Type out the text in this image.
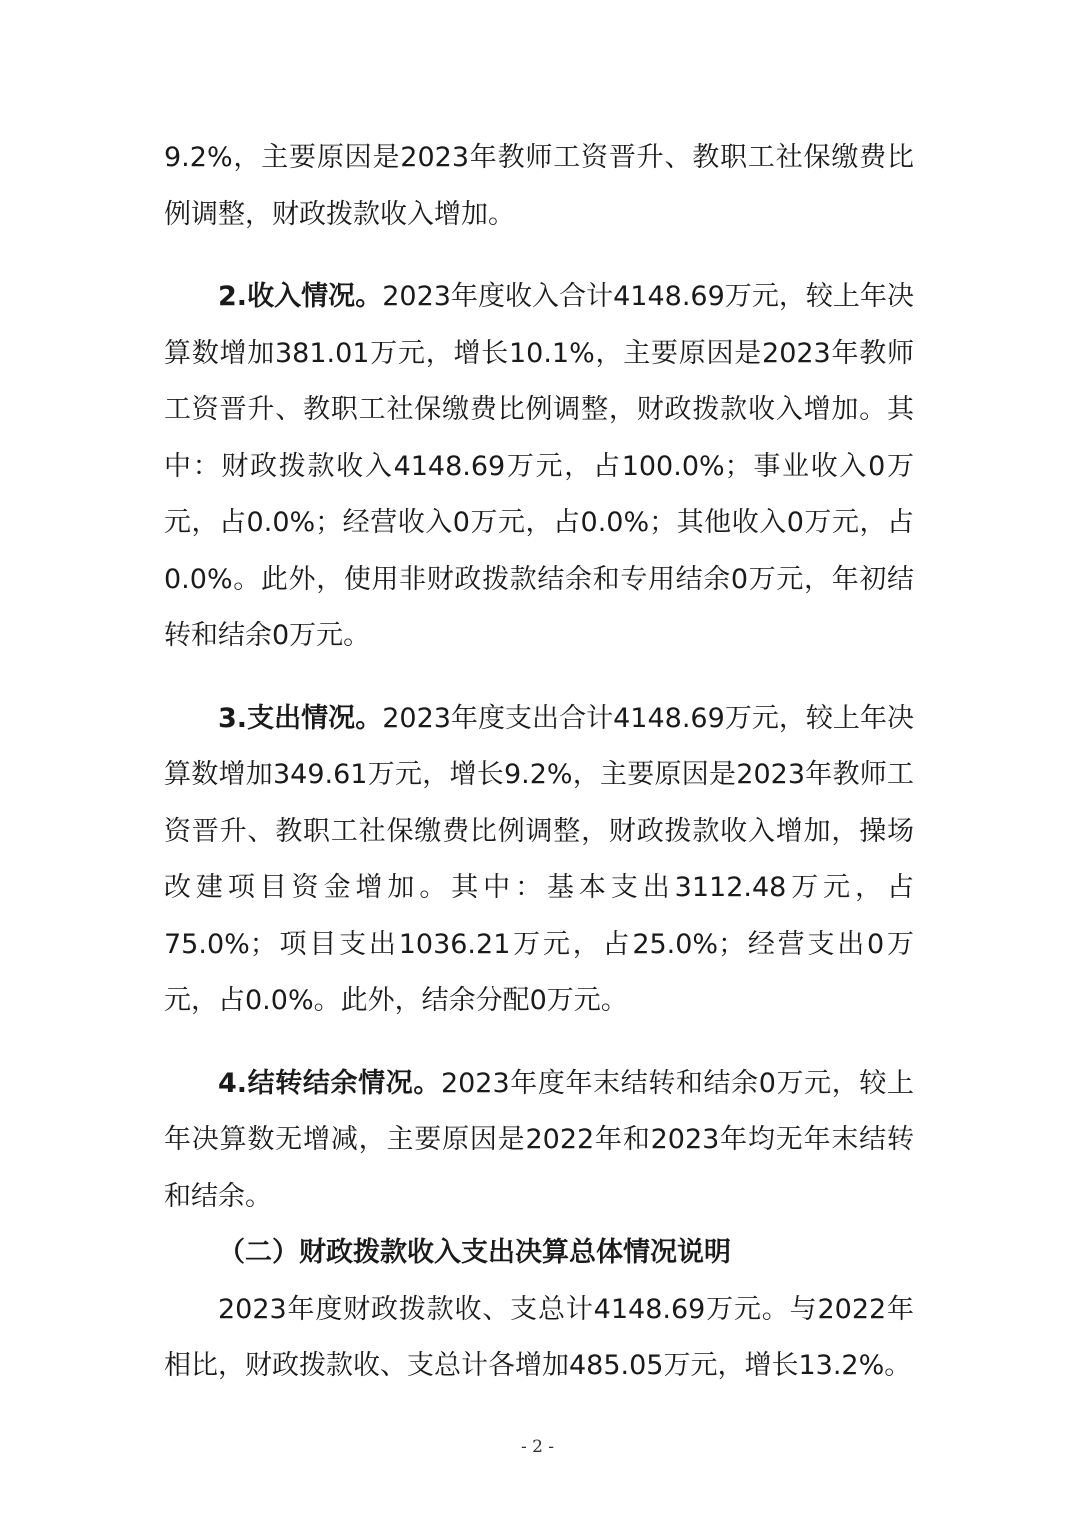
9.2%，主要原因是2023年教师工资晋升、教职工社保缴费比例调整，财政拨款收入增加。

2.收入情况。2023年度收入合计4148.69万元，较上年决算数增加381.01万元，增长10.1%，主要原因是2023年教师工资晋升、教职工社保缴费比例调整，财政拨款收入增加。其中：财政拨款收入4148.69万元，占100.0%；事业收入0万元，占0.0%；经营收入0万元，占0.0%；其他收入0万元，占0.0%。此外，使用非财政拨款结余和专用结余0万元，年初结转和结余0万元。

3.支出情况。2023年度支出合计4148.69万元，较上年决算数增加349.61万元，增长9.2%，主要原因是2023年教师工资晋升、教职工社保缴费比例调整，财政拨款收入增加，操场改建项目资金增加。其中：基本支出3112.48万元，占75.0%；项目支出1036.21万元，占25.0%；经营支出0万元，占0.0%。此外，结余分配0万元。

4.结转结余情况。2023年度年末结转和结余0万元，较上年决算数无增减，主要原因是2022年和2023年均无年末结转和结余。

（二）财政拨款收入支出决算总体情况说明

2023年度财政拨款收、支总计4148.69万元。与2022年相比，财政拨款收、支总计各增加485.05万元，增长13.2%。

- 2 -
